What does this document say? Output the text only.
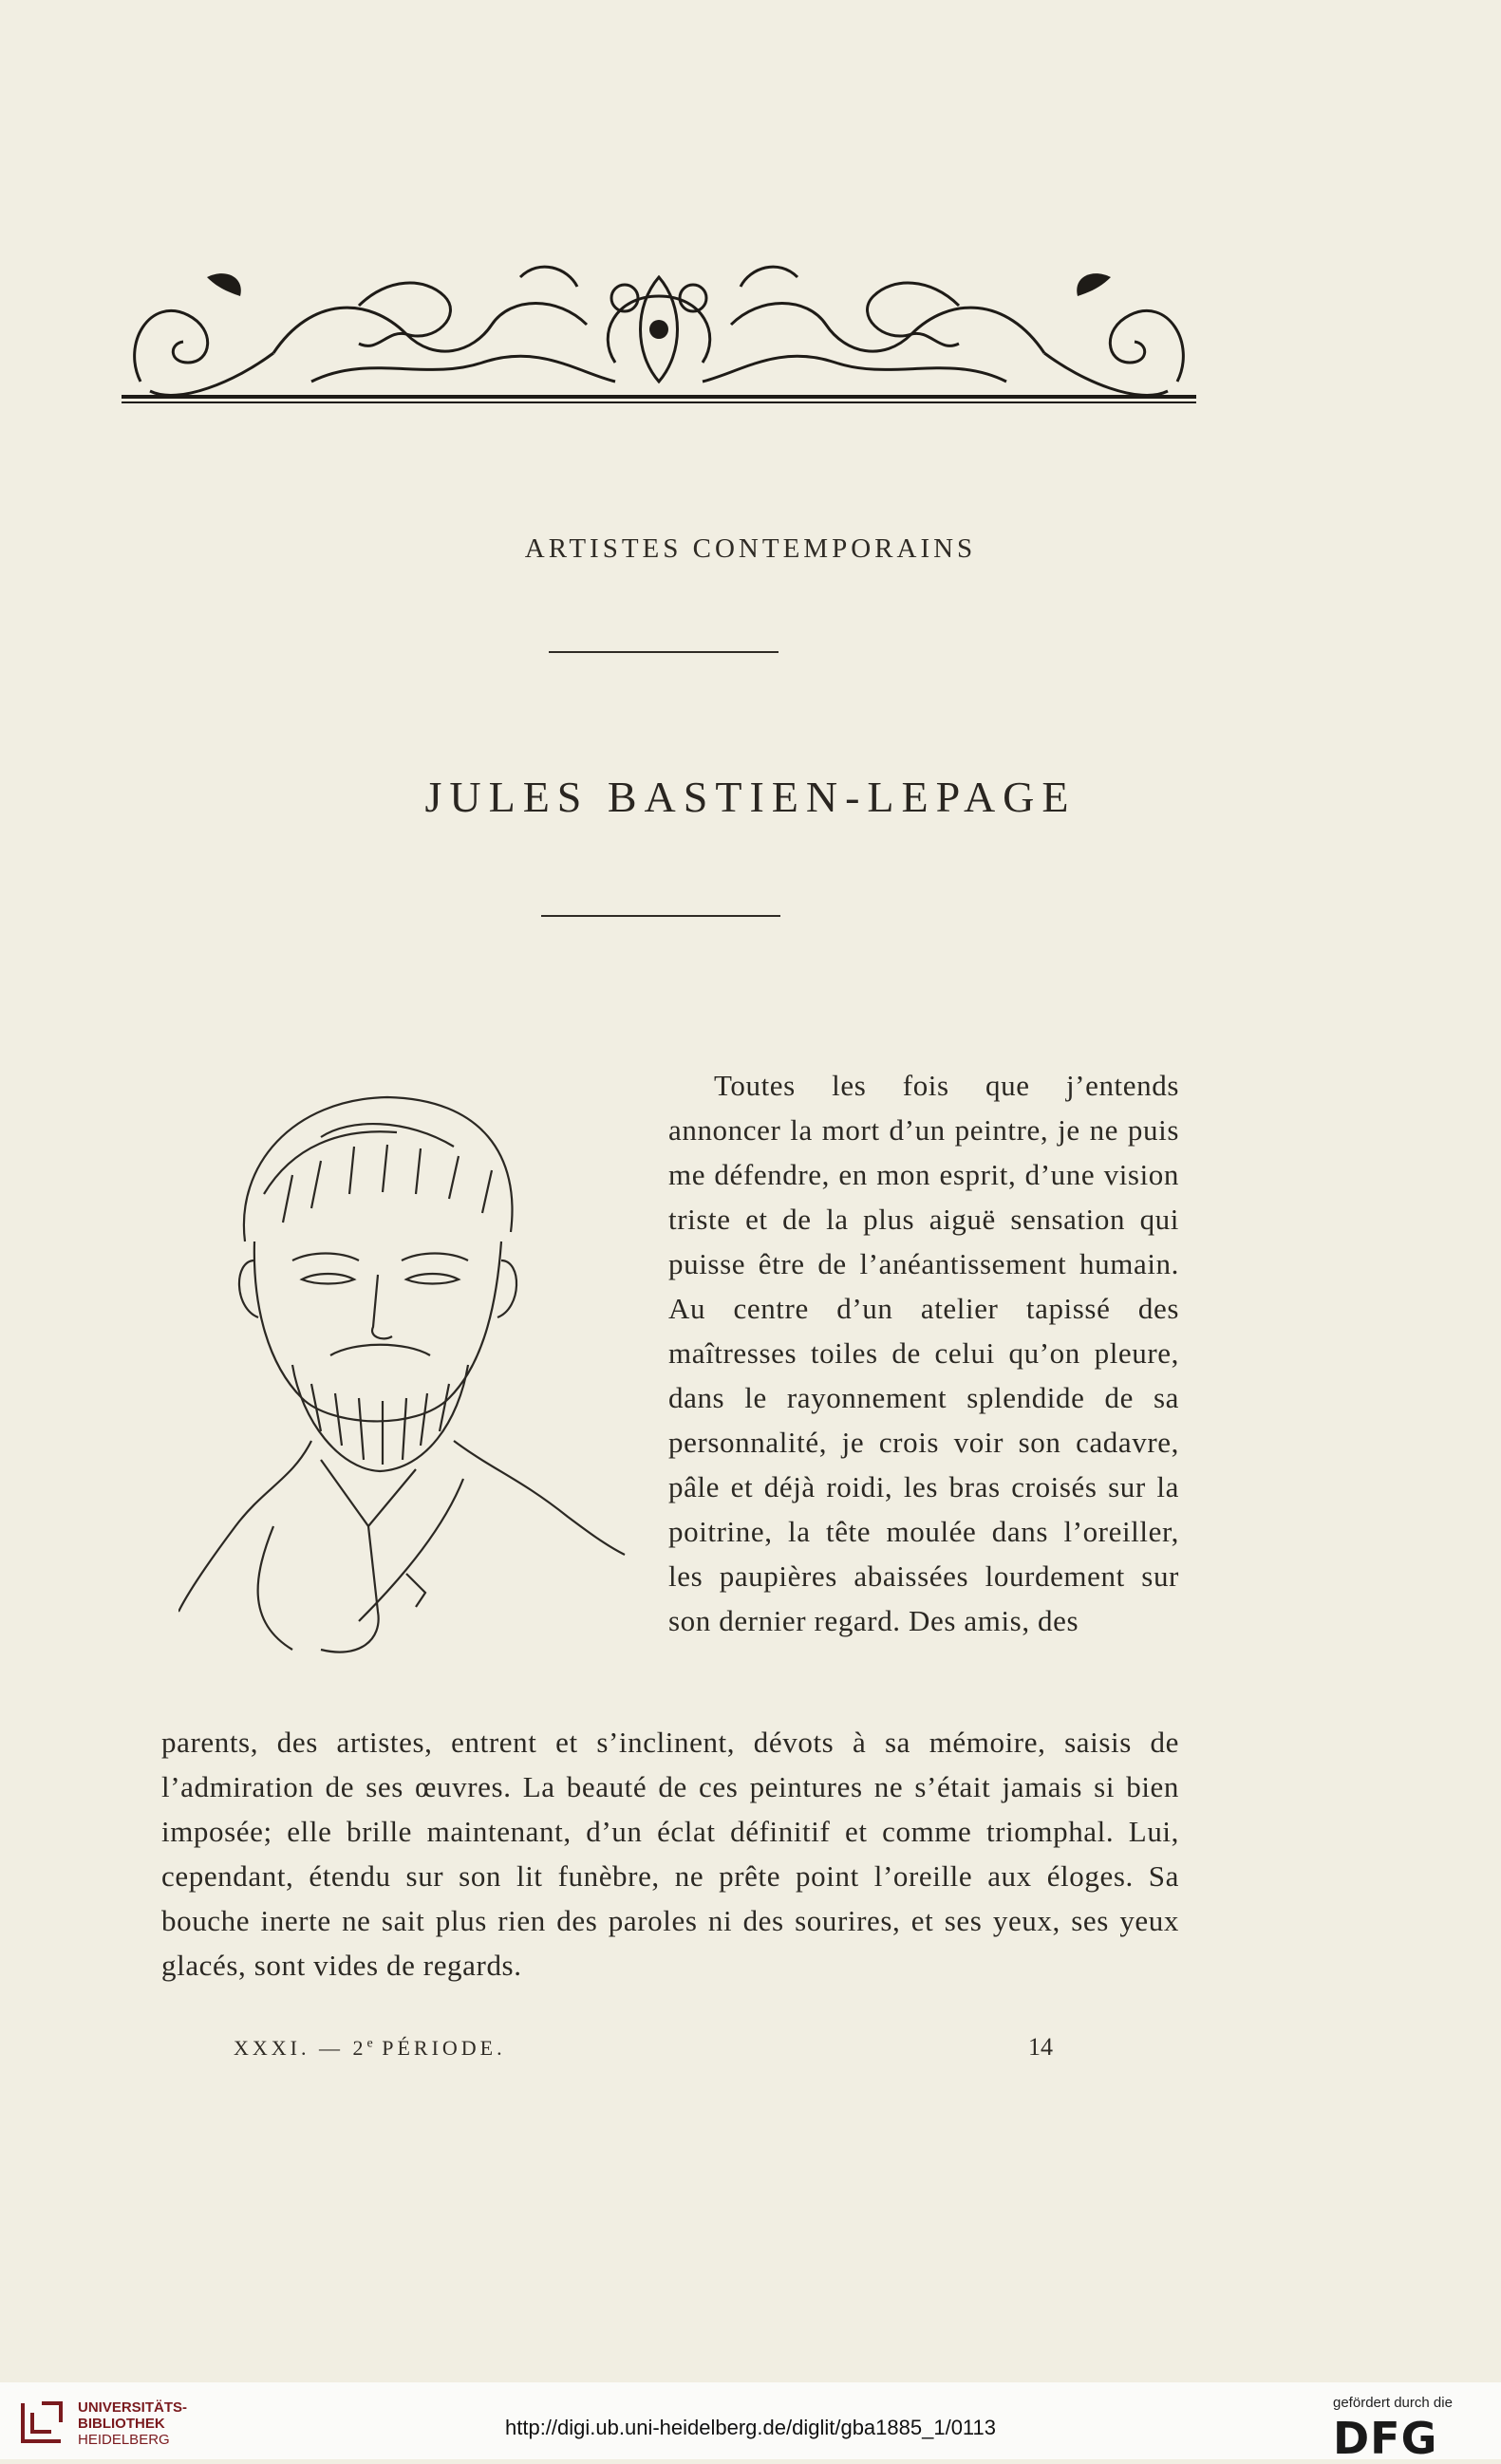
ARTISTES CONTEMPORAINS
JULES BASTIEN-LEPAGE
Toutes les fois que j’entends annoncer la mort d’un peintre, je ne puis me défendre, en mon esprit, d’une vision triste et de la plus aiguë sensation qui puisse être de l’anéantissement humain. Au centre d’un atelier tapissé des maîtresses toiles de celui qu’on pleure, dans le rayonnement splendide de sa personnalité, je crois voir son cadavre, pâle et déjà roidi, les bras croisés sur la poitrine, la tête moulée dans l’oreiller, les paupières abaissées lourdement sur son dernier regard. Des amis, des
parents, des artistes, entrent et s’inclinent, dévots à sa mémoire, saisis de l’admiration de ses œuvres. La beauté de ces peintures ne s’était jamais si bien imposée; elle brille maintenant, d’un éclat définitif et comme triomphal. Lui, cependant, étendu sur son lit funèbre, ne prête point l’oreille aux éloges. Sa bouche inerte ne sait plus rien des paroles ni des sourires, et ses yeux, ses yeux glacés, sont vides de regards.
XXXI. — 2e PÉRIODE.	14
UNIVERSITÄTS-
BIBLIOTHEK
HEIDELBERG
http://digi.ub.uni-heidelberg.de/diglit/gba1885_1/0113
gefördert durch die
DFG
